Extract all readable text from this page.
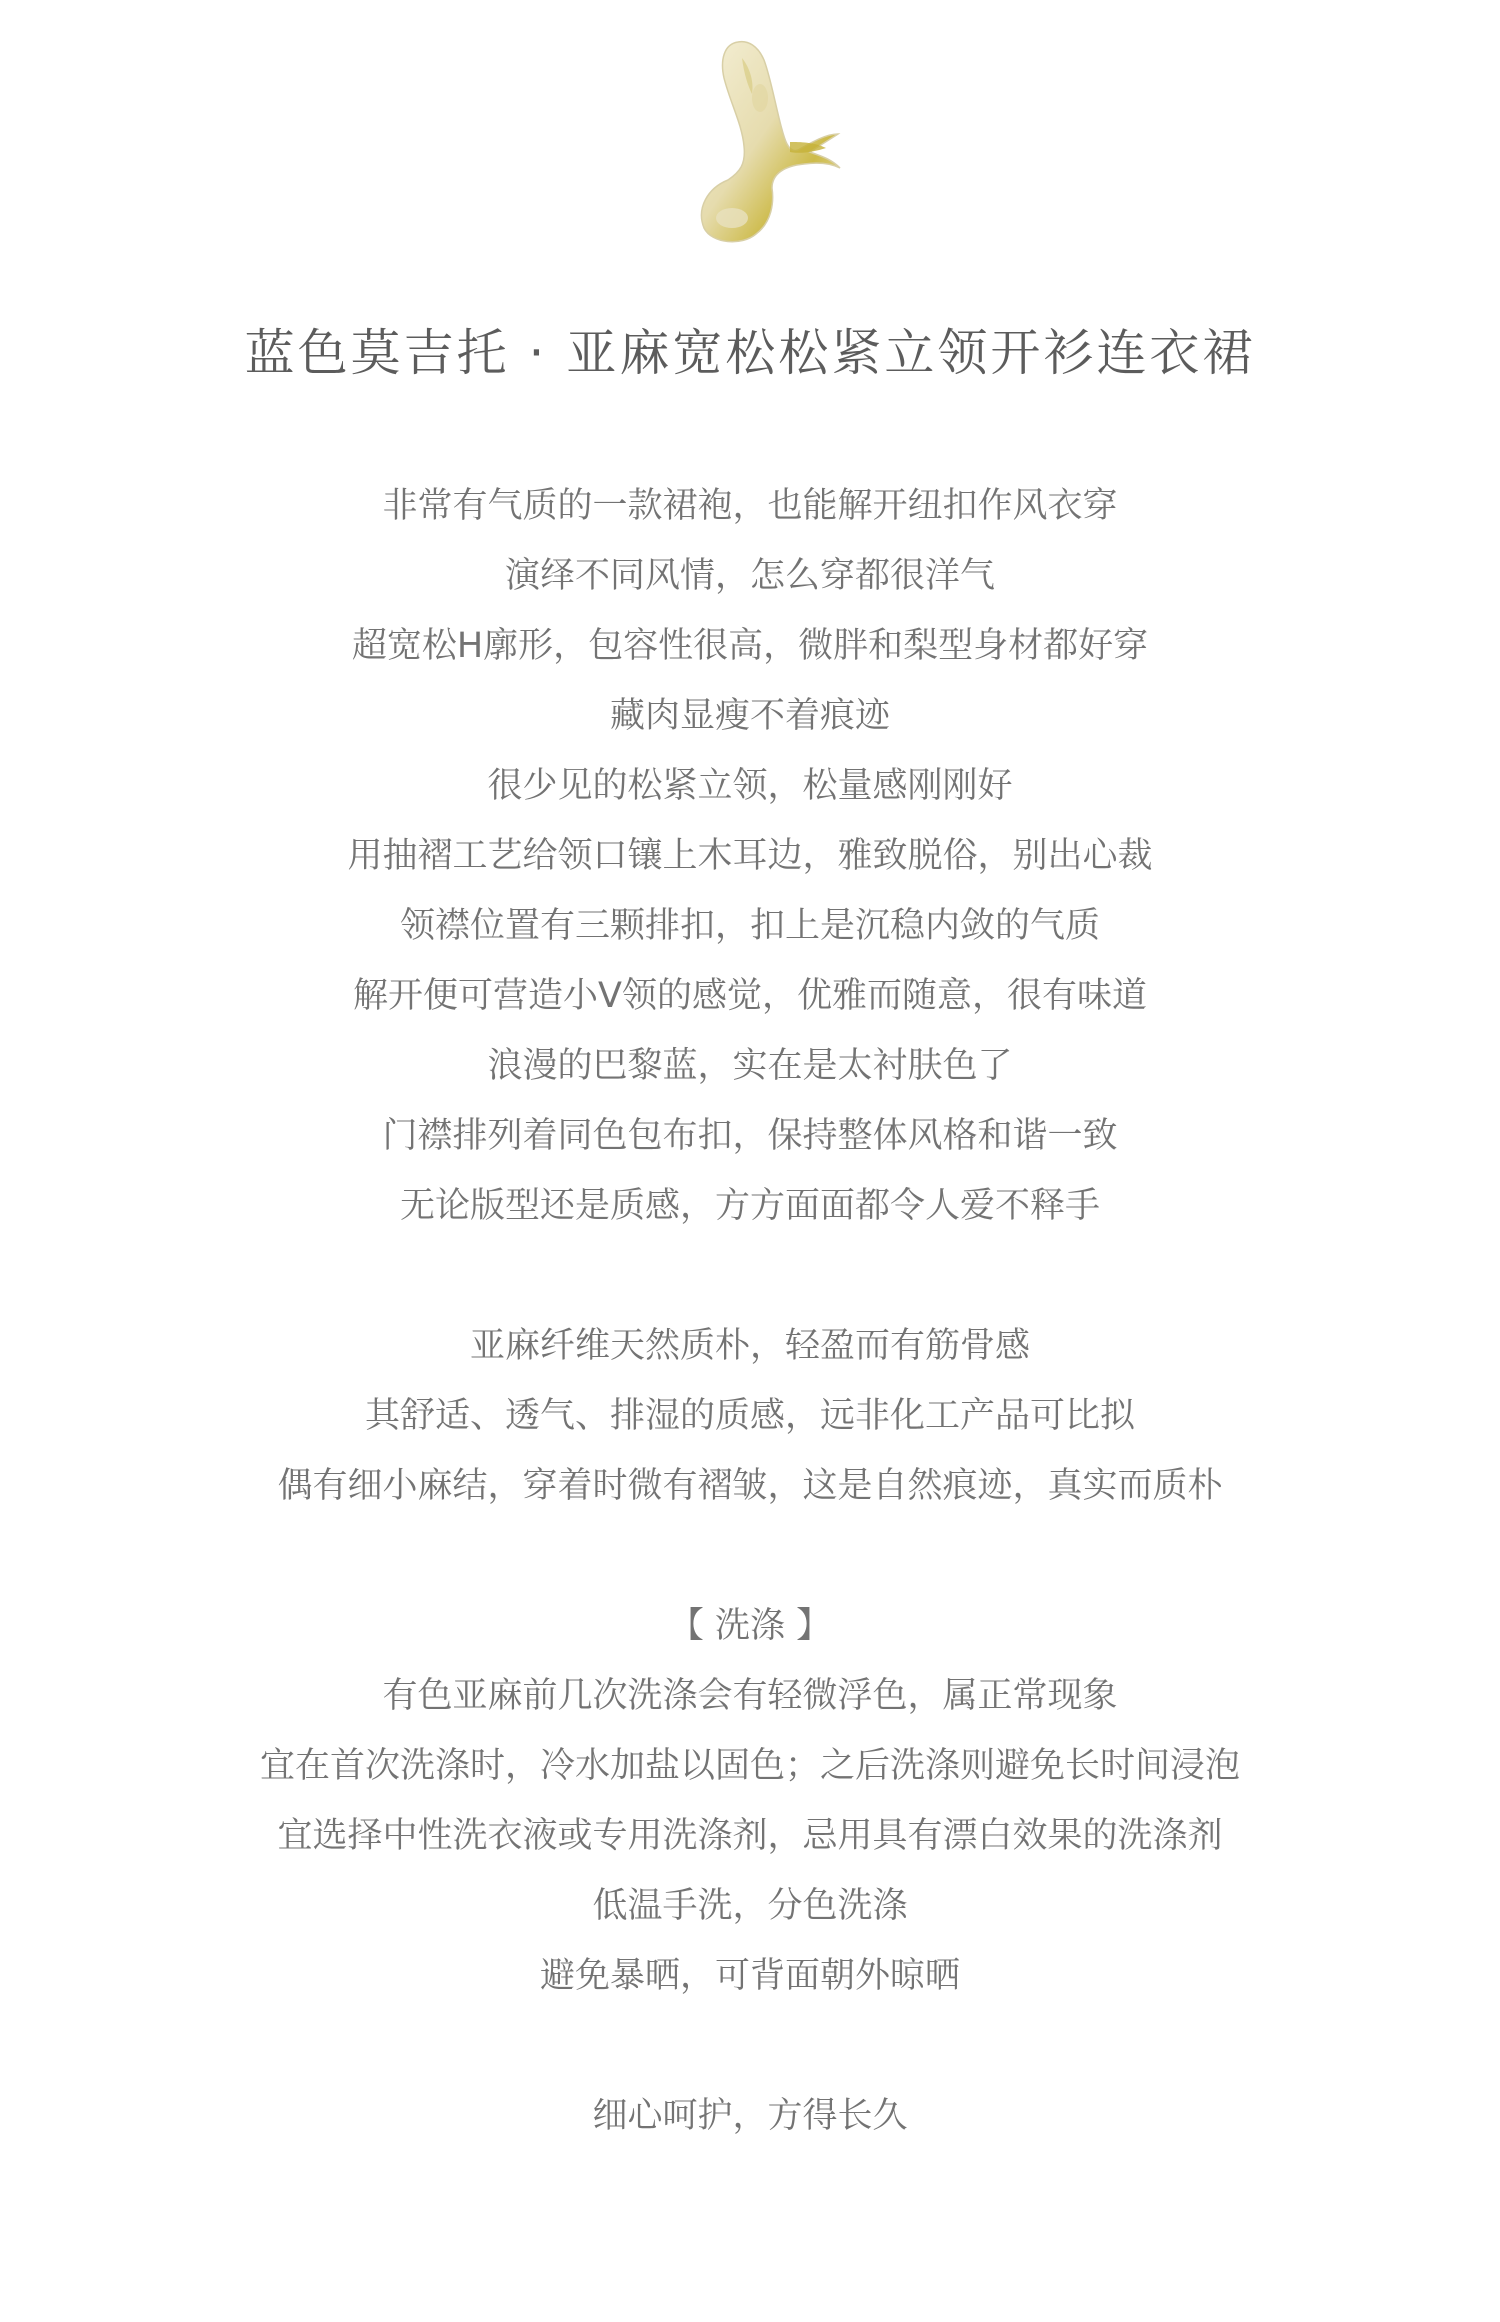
蓝色莫吉托 · 亚麻宽松松紧立领开衫连衣裙
非常有气质的一款裙袍，也能解开纽扣作风衣穿
演绎不同风情，怎么穿都很洋气
超宽松H廓形，包容性很高，微胖和梨型身材都好穿
藏肉显瘦不着痕迹
很少见的松紧立领，松量感刚刚好
用抽褶工艺给领口镶上木耳边，雅致脱俗，别出心裁
领襟位置有三颗排扣，扣上是沉稳内敛的气质
解开便可营造小V领的感觉，优雅而随意，很有味道
浪漫的巴黎蓝，实在是太衬肤色了
门襟排列着同色包布扣，保持整体风格和谐一致
无论版型还是质感，方方面面都令人爱不释手
亚麻纤维天然质朴，轻盈而有筋骨感
其舒适、透气、排湿的质感，远非化工产品可比拟
偶有细小麻结，穿着时微有褶皱，这是自然痕迹，真实而质朴
【 洗涤 】
有色亚麻前几次洗涤会有轻微浮色，属正常现象
宜在首次洗涤时，冷水加盐以固色；之后洗涤则避免长时间浸泡
宜选择中性洗衣液或专用洗涤剂，忌用具有漂白效果的洗涤剂
低温手洗，分色洗涤
避免暴晒，可背面朝外晾晒
细心呵护，方得长久
